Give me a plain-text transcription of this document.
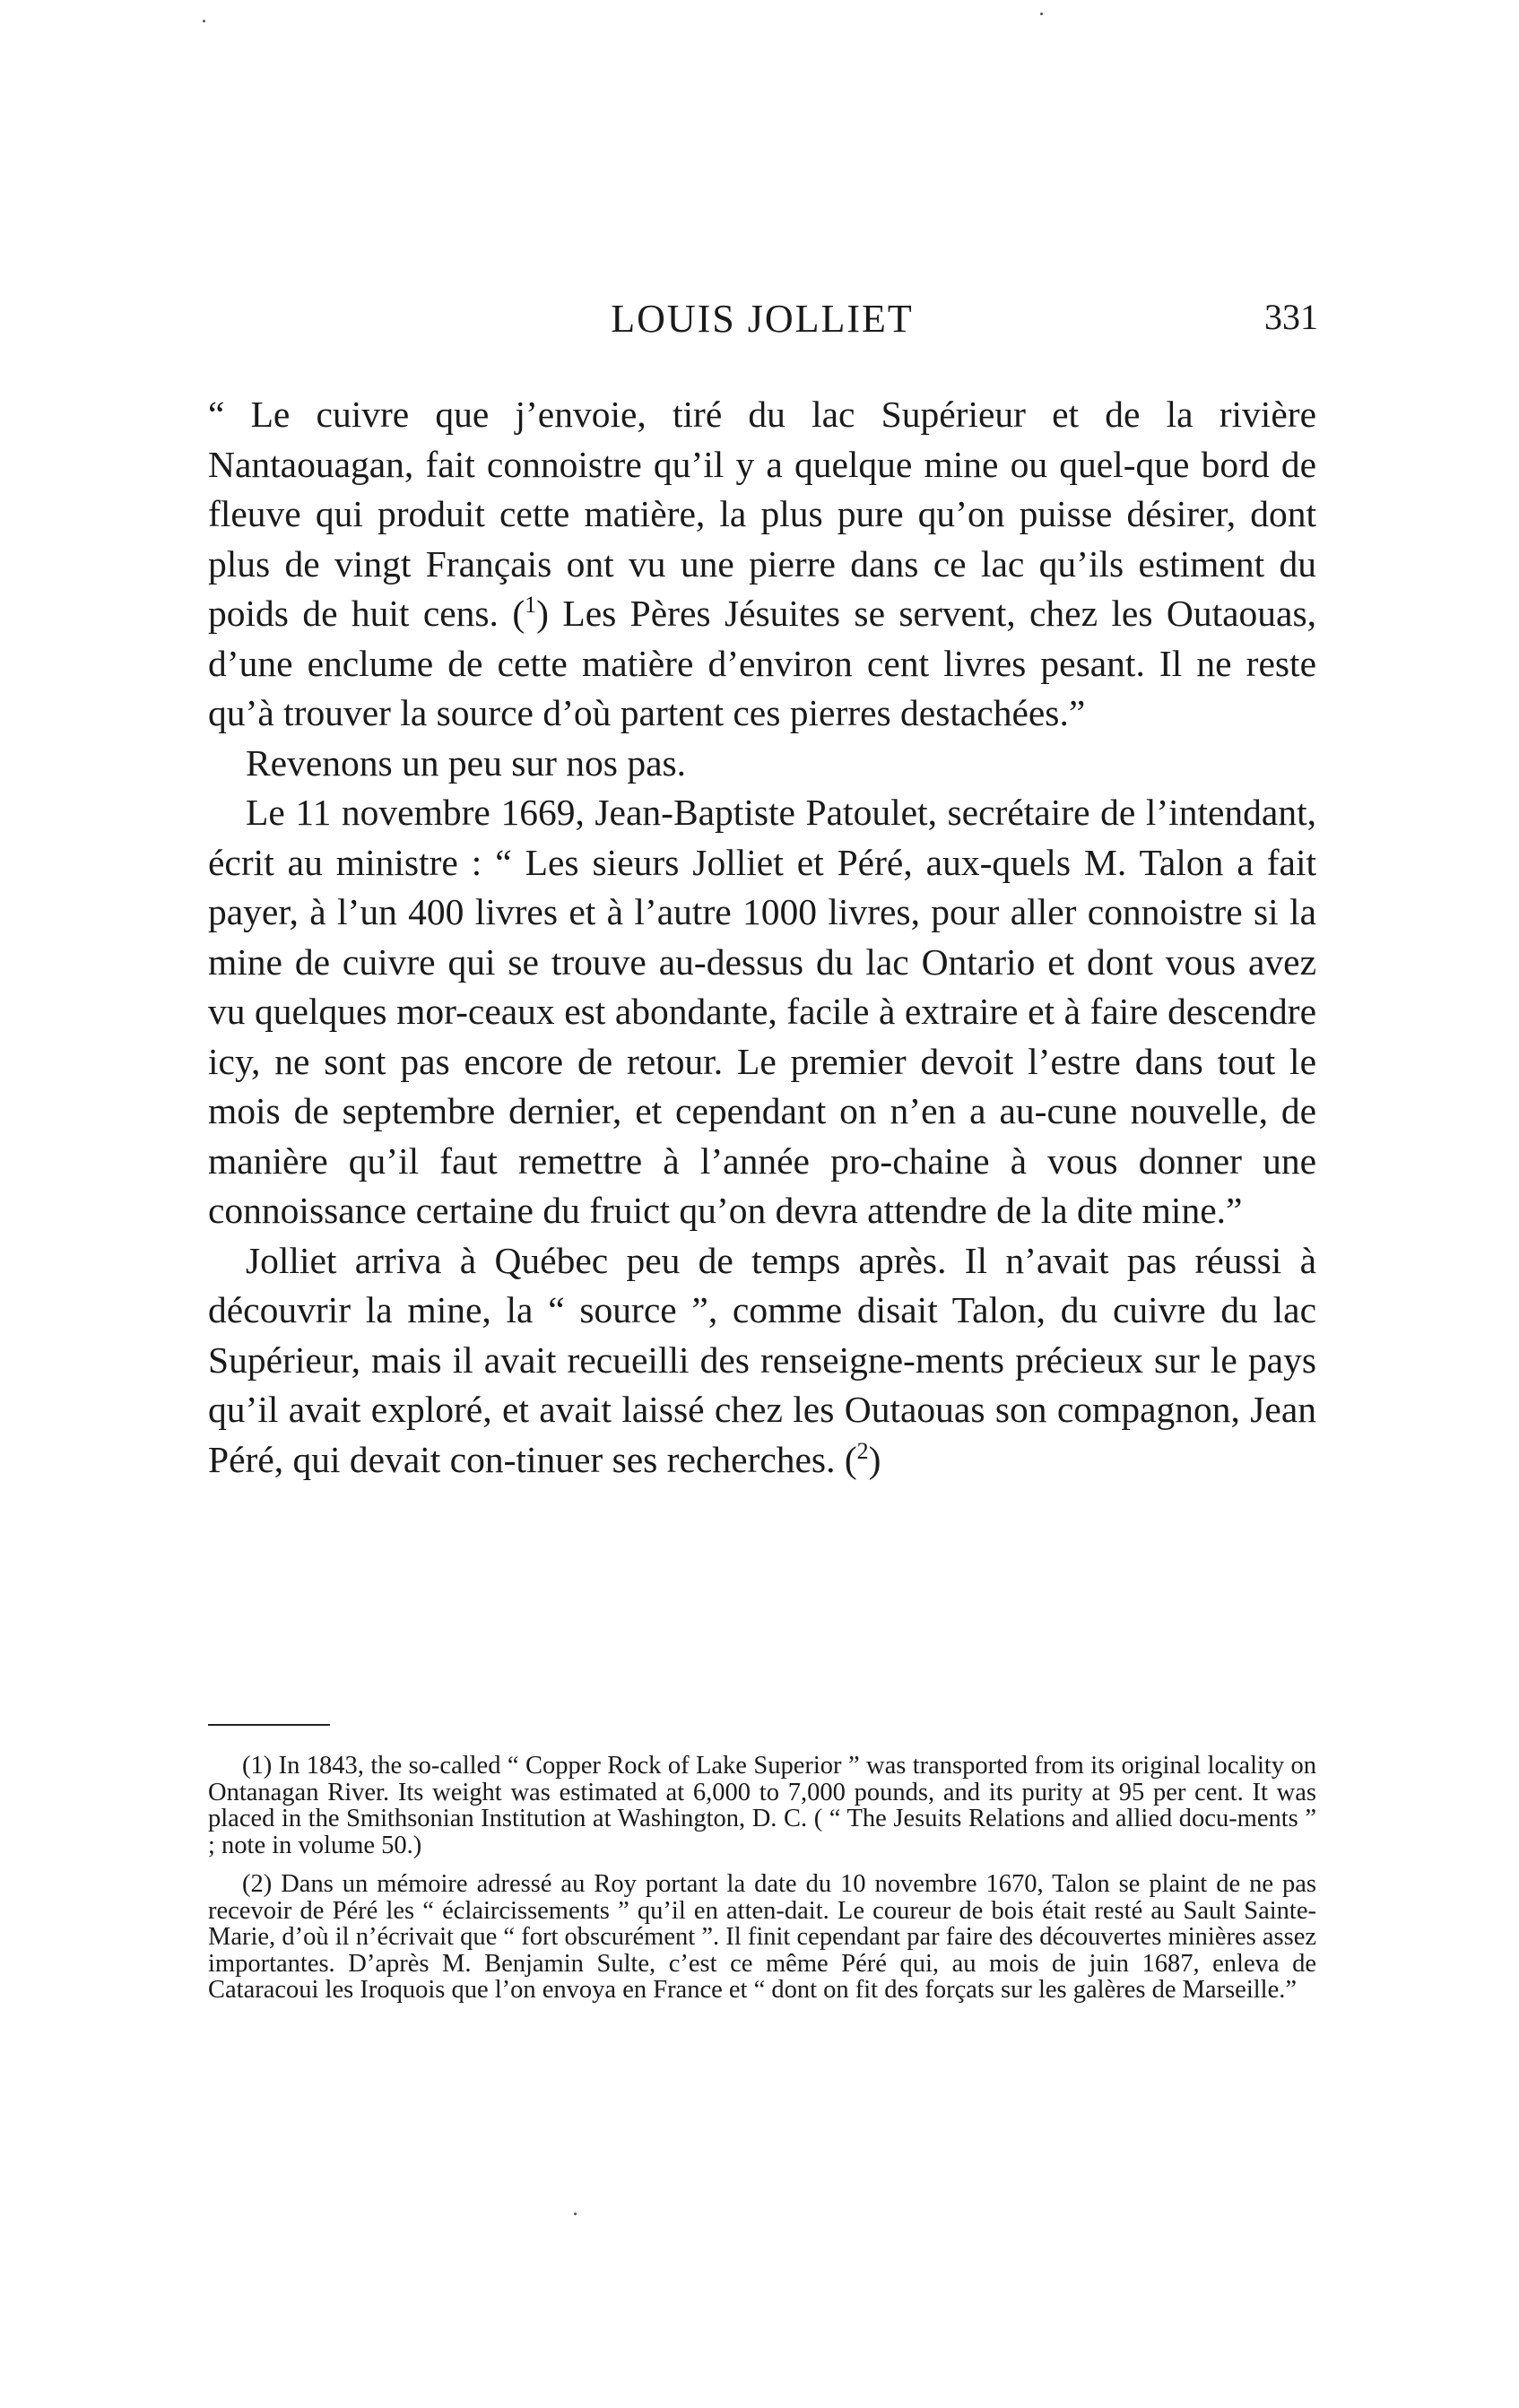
LOUIS JOLLIET	331

“ Le cuivre que j’envoie, tiré du lac Supérieur et de la rivière Nantaouagan, fait connoistre qu’il y a quelque mine ou quel-que bord de fleuve qui produit cette matière, la plus pure qu’on puisse désirer, dont plus de vingt Français ont vu une pierre dans ce lac qu’ils estiment du poids de huit cens. ($^1$) Les Pères Jésuites se servent, chez les Outaouas, d’une enclume de cette matière d’environ cent livres pesant. Il ne reste qu’à trouver la source d’où partent ces pierres destachées.”

Revenons un peu sur nos pas.

Le 11 novembre 1669, Jean-Baptiste Patoulet, secrétaire de l’intendant, écrit au ministre : “ Les sieurs Jolliet et Péré, aux-quels M. Talon a fait payer, à l’un 400 livres et à l’autre 1000 livres, pour aller connoistre si la mine de cuivre qui se trouve au-dessus du lac Ontario et dont vous avez vu quelques mor-ceaux est abondante, facile à extraire et à faire descendre icy, ne sont pas encore de retour. Le premier devoit l’estre dans tout le mois de septembre dernier, et cependant on n’en a au-cune nouvelle, de manière qu’il faut remettre à l’année pro-chaine à vous donner une connoissance certaine du fruict qu’on devra attendre de la dite mine.”

Jolliet arriva à Québec peu de temps après. Il n’avait pas réussi à découvrir la mine, la “ source ”, comme disait Talon, du cuivre du lac Supérieur, mais il avait recueilli des renseigne-ments précieux sur le pays qu’il avait exploré, et avait laissé chez les Outaouas son compagnon, Jean Péré, qui devait con-tinuer ses recherches. ($^2$)

(1) In 1843, the so-called “ Copper Rock of Lake Superior ” was transported from its original locality on Ontanagan River. Its weight was estimated at 6,000 to 7,000 pounds, and its purity at 95 per cent. It was placed in the Smithsonian Institution at Washington, D. C. ( “ The Jesuits Relations and allied docu-ments ” ; note in volume 50.)

(2) Dans un mémoire adressé au Roy portant la date du 10 novembre 1670, Talon se plaint de ne pas recevoir de Péré les “ éclaircissements ” qu’il en atten-dait. Le coureur de bois était resté au Sault Sainte-Marie, d’où il n’écrivait que “ fort obscurément ”. Il finit cependant par faire des découvertes minières assez importantes. D’après M. Benjamin Sulte, c’est ce même Péré qui, au mois de juin 1687, enleva de Cataracoui les Iroquois que l’on envoya en France et “ dont on fit des forçats sur les galères de Marseille.”
